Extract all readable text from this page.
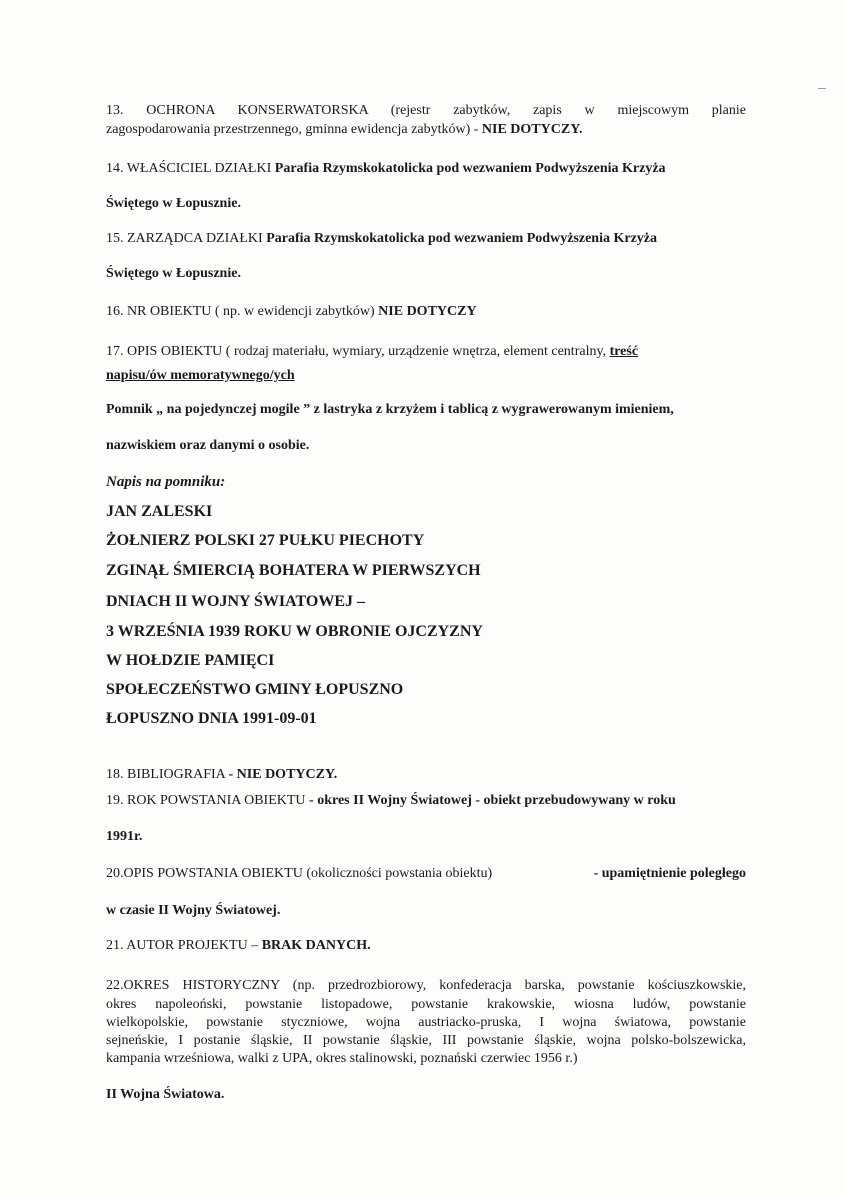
13. OCHRONA KONSERWATORSKA (rejestr zabytków, zapis w miejscowym planie
zagospodarowania przestrzennego, gminna ewidencja zabytków) - NIE DOTYCZY.
14. WŁAŚCICIEL DZIAŁKI Parafia Rzymskokatolicka pod wezwaniem Podwyższenia Krzyża
Świętego w Łopusznie.
15. ZARZĄDCA DZIAŁKI Parafia Rzymskokatolicka pod wezwaniem Podwyższenia Krzyża
Świętego w Łopusznie.
16. NR OBIEKTU ( np. w ewidencji zabytków) NIE DOTYCZY
17. OPIS OBIEKTU ( rodzaj materiału, wymiary, urządzenie wnętrza, element centralny, treść
napisu/ów memoratywnego/ych
Pomnik „ na pojedynczej mogile ” z lastryka z krzyżem i tablicą z wygrawerowanym imieniem,
nazwiskiem oraz danymi o osobie.
Napis na pomniku:
JAN ZALESKI
ŻOŁNIERZ POLSKI 27 PUŁKU PIECHOTY
ZGINĄŁ ŚMIERCIĄ BOHATERA W PIERWSZYCH
DNIACH II WOJNY ŚWIATOWEJ –
3 WRZEŚNIA 1939 ROKU W OBRONIE OJCZYZNY
W HOŁDZIE PAMIĘCI
SPOŁECZEŃSTWO GMINY ŁOPUSZNO
ŁOPUSZNO DNIA 1991-09-01
18. BIBLIOGRAFIA - NIE DOTYCZY.
19. ROK POWSTANIA OBIEKTU - okres II Wojny Światowej - obiekt przebudowywany w roku
1991r.
20.OPIS POWSTANIA OBIEKTU (okoliczności powstania obiektu)	- upamiętnienie poległego
w czasie II Wojny Światowej.
21. AUTOR PROJEKTU – BRAK DANYCH.
22.OKRES HISTORYCZNY (np. przedrozbiorowy, konfederacja barska, powstanie kościuszkowskie,
okres napoleoński, powstanie listopadowe, powstanie krakowskie, wiosna ludów, powstanie
wielkopolskie, powstanie styczniowe, wojna austriacko-pruska, I wojna światowa, powstanie
sejneńskie, I postanie śląskie, II powstanie śląskie, III powstanie śląskie, wojna polsko-bolszewicka,
kampania wrześniowa, walki z UPA, okres stalinowski, poznański czerwiec 1956 r.)
II Wojna Światowa.
